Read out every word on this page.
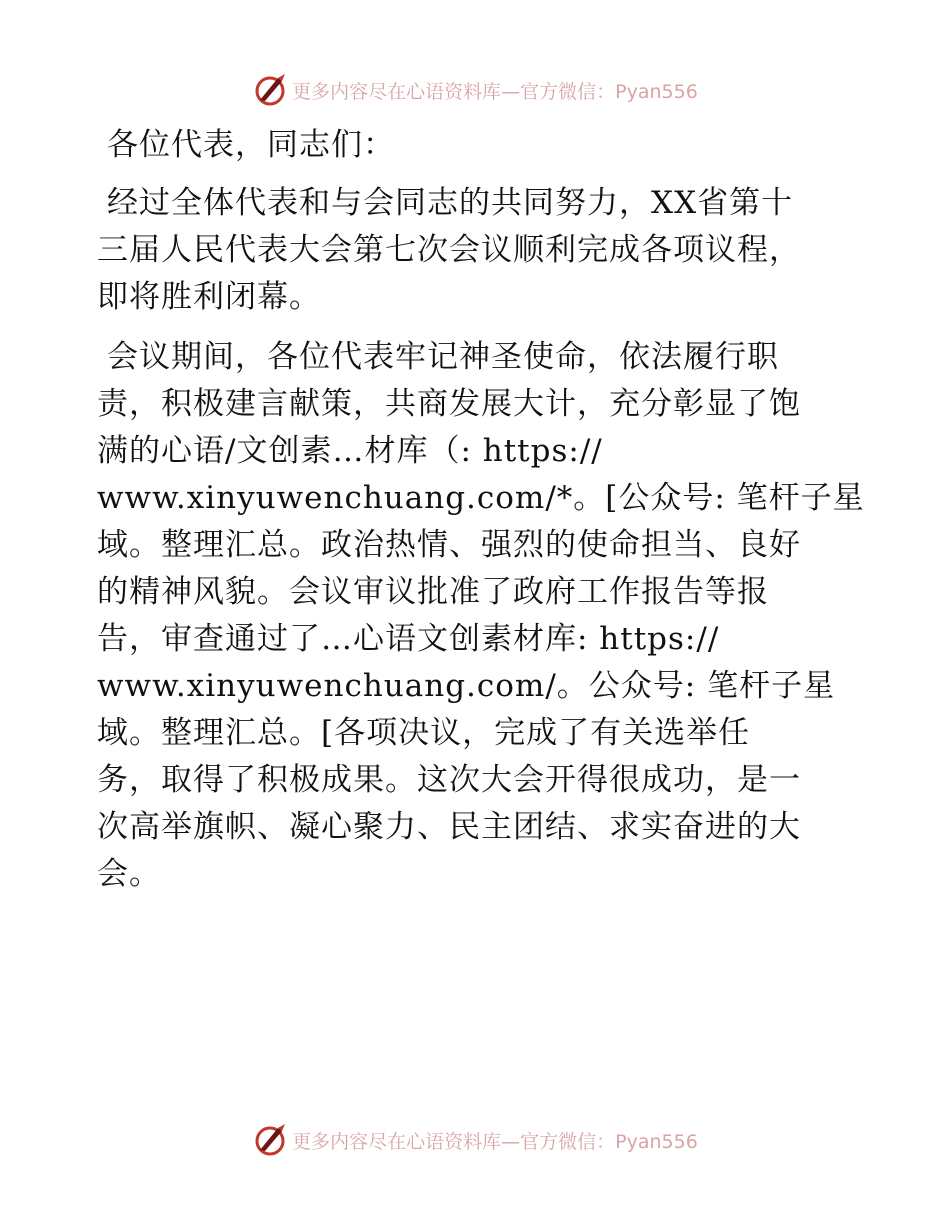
更多内容尽在心语资料库—官方微信：Pyan556

各位代表，同志们：

经过全体代表和与会同志的共同努力，XX省第十
三届人民代表大会第七次会议顺利完成各项议程，
即将胜利闭幕。

会议期间，各位代表牢记神圣使命，依法履行职
责，积极建言献策，共商发展大计，充分彰显了饱
满的心语/文创素…材库（: https://
www.xinyuwenchuang.com/*。[公众号: 笔杆子星
域。整理汇总。政治热情、强烈的使命担当、良好
的精神风貌。会议审议批准了政府工作报告等报
告，审查通过了…心语文创素材库: https://
www.xinyuwenchuang.com/。公众号: 笔杆子星
域。整理汇总。[各项决议，完成了有关选举任
务，取得了积极成果。这次大会开得很成功，是一
次高举旗帜、凝心聚力、民主团结、求实奋进的大
会。

更多内容尽在心语资料库—官方微信：Pyan556
